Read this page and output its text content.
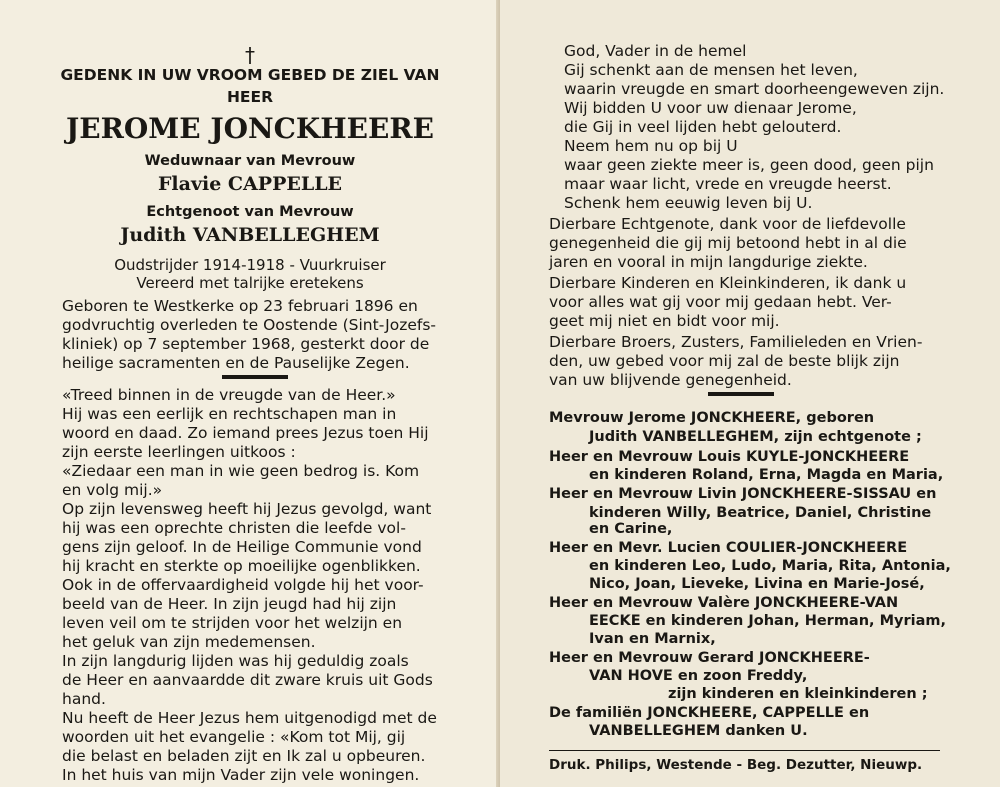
†
GEDENK IN UW VROOM GEBED DE ZIEL VAN
HEER
JEROME JONCKHEERE
Weduwnaar van Mevrouw
Flavie CAPPELLE
Echtgenoot van Mevrouw
Judith VANBELLEGHEM
Oudstrijder 1914-1918 - Vuurkruiser
Vereerd met talrijke eretekens
Geboren te Westkerke op 23 februari 1896 en
godvruchtig overleden te Oostende (Sint-Jozefs-
kliniek) op 7 september 1968, gesterkt door de
heilige sacramenten en de Pauselijke Zegen.
«Treed binnen in de vreugde van de Heer.»
Hij was een eerlijk en rechtschapen man in
woord en daad. Zo iemand prees Jezus toen Hij
zijn eerste leerlingen uitkoos :
«Ziedaar een man in wie geen bedrog is. Kom
en volg mij.»
Op zijn levensweg heeft hij Jezus gevolgd, want
hij was een oprechte christen die leefde vol-
gens zijn geloof. In de Heilige Communie vond
hij kracht en sterkte op moeilijke ogenblikken.
Ook in de offervaardigheid volgde hij het voor-
beeld van de Heer. In zijn jeugd had hij zijn
leven veil om te strijden voor het welzijn en
het geluk van zijn medemensen.
In zijn langdurig lijden was hij geduldig zoals
de Heer en aanvaardde dit zware kruis uit Gods
hand.
Nu heeft de Heer Jezus hem uitgenodigd met de
woorden uit het evangelie : «Kom tot Mij, gij
die belast en beladen zijt en Ik zal u opbeuren.
In het huis van mijn Vader zijn vele woningen.
God, Vader in de hemel
Gij schenkt aan de mensen het leven,
waarin vreugde en smart doorheengeweven zijn.
Wij bidden U voor uw dienaar Jerome,
die Gij in veel lijden hebt gelouterd.
Neem hem nu op bij U
waar geen ziekte meer is, geen dood, geen pijn
maar waar licht, vrede en vreugde heerst.
Schenk hem eeuwig leven bij U.
Dierbare Echtgenote, dank voor de liefdevolle
genegenheid die gij mij betoond hebt in al die
jaren en vooral in mijn langdurige ziekte.
Dierbare Kinderen en Kleinkinderen, ik dank u
voor alles wat gij voor mij gedaan hebt. Ver-
geet mij niet en bidt voor mij.
Dierbare Broers, Zusters, Familieleden en Vrien-
den, uw gebed voor mij zal de beste blijk zijn
van uw blijvende genegenheid.
Mevrouw Jerome JONCKHEERE, geboren
Judith VANBELLEGHEM, zijn echtgenote ;
Heer en Mevrouw Louis KUYLE-JONCKHEERE
en kinderen Roland, Erna, Magda en Maria,
Heer en Mevrouw Livin JONCKHEERE-SISSAU en
kinderen Willy, Beatrice, Daniel, Christine
en Carine,
Heer en Mevr. Lucien COULIER-JONCKHEERE
en kinderen Leo, Ludo, Maria, Rita, Antonia,
Nico, Joan, Lieveke, Livina en Marie-José,
Heer en Mevrouw Valère JONCKHEERE-VAN
EECKE en kinderen Johan, Herman, Myriam,
Ivan en Marnix,
Heer en Mevrouw Gerard JONCKHEERE-
VAN HOVE en zoon Freddy,
zijn kinderen en kleinkinderen ;
De familiën JONCKHEERE, CAPPELLE en
VANBELLEGHEM danken U.
Druk. Philips, Westende - Beg. Dezutter, Nieuwp.
